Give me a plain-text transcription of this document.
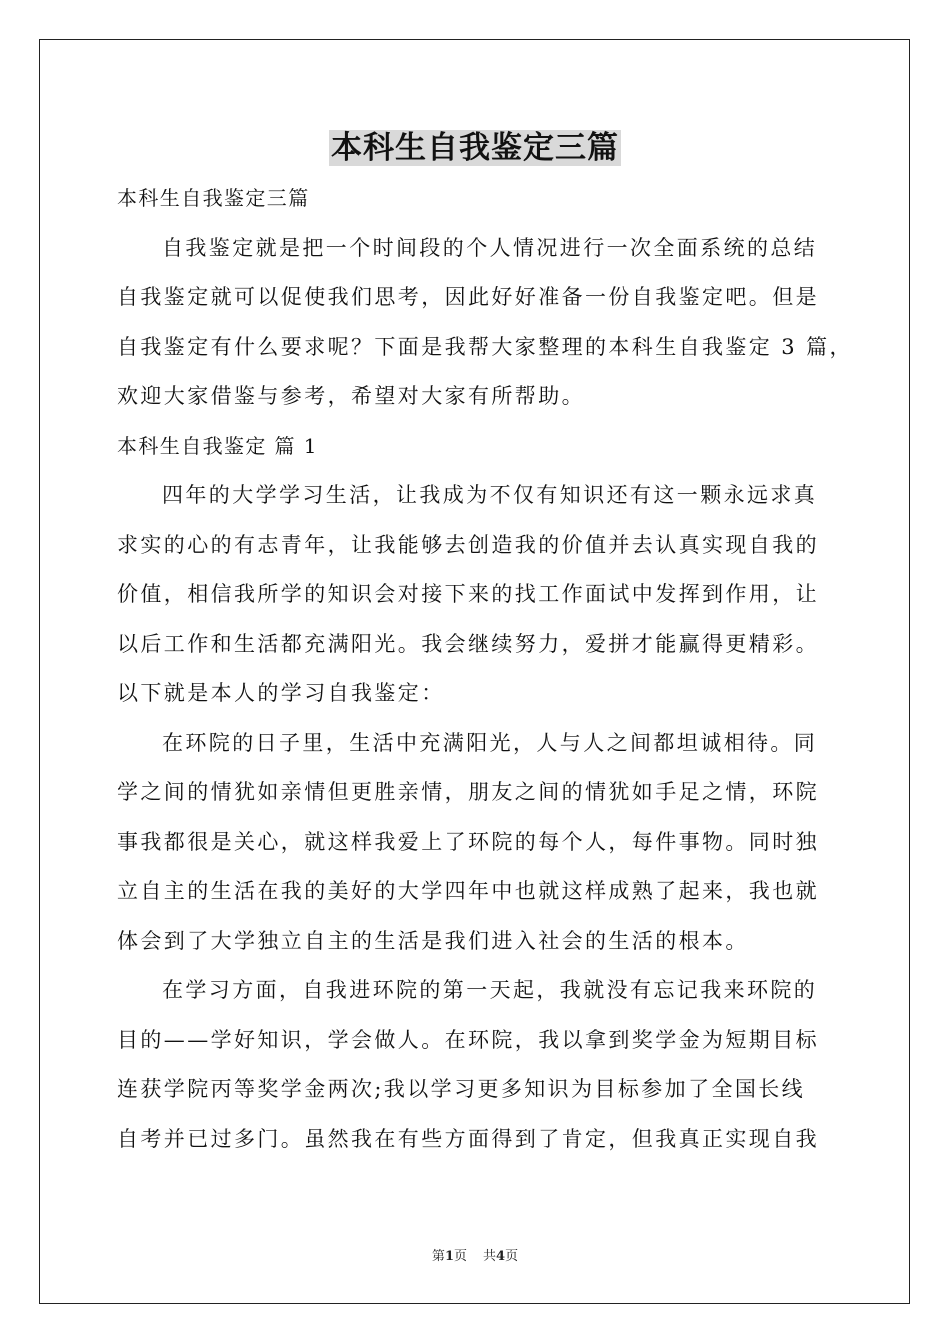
本科生自我鉴定三篇
本科生自我鉴定三篇
自我鉴定就是把一个时间段的个人情况进行一次全面系统的总结
自我鉴定就可以促使我们思考，因此好好准备一份自我鉴定吧。但是
自我鉴定有什么要求呢？下面是我帮大家整理的本科生自我鉴定 3 篇，
欢迎大家借鉴与参考，希望对大家有所帮助。
本科生自我鉴定 篇 1
四年的大学学习生活，让我成为不仅有知识还有这一颗永远求真
求实的心的有志青年，让我能够去创造我的价值并去认真实现自我的
价值，相信我所学的知识会对接下来的找工作面试中发挥到作用，让
以后工作和生活都充满阳光。我会继续努力，爱拼才能赢得更精彩。
以下就是本人的学习自我鉴定：
在环院的日子里，生活中充满阳光，人与人之间都坦诚相待。同
学之间的情犹如亲情但更胜亲情，朋友之间的情犹如手足之情，环院
事我都很是关心，就这样我爱上了环院的每个人，每件事物。同时独
立自主的生活在我的美好的大学四年中也就这样成熟了起来，我也就
体会到了大学独立自主的生活是我们进入社会的生活的根本。
在学习方面，自我进环院的第一天起，我就没有忘记我来环院的
目的——学好知识，学会做人。在环院，我以拿到奖学金为短期目标
连获学院丙等奖学金两次;我以学习更多知识为目标参加了全国长线
自考并已过多门。虽然我在有些方面得到了肯定，但我真正实现自我
第1页 共4页
